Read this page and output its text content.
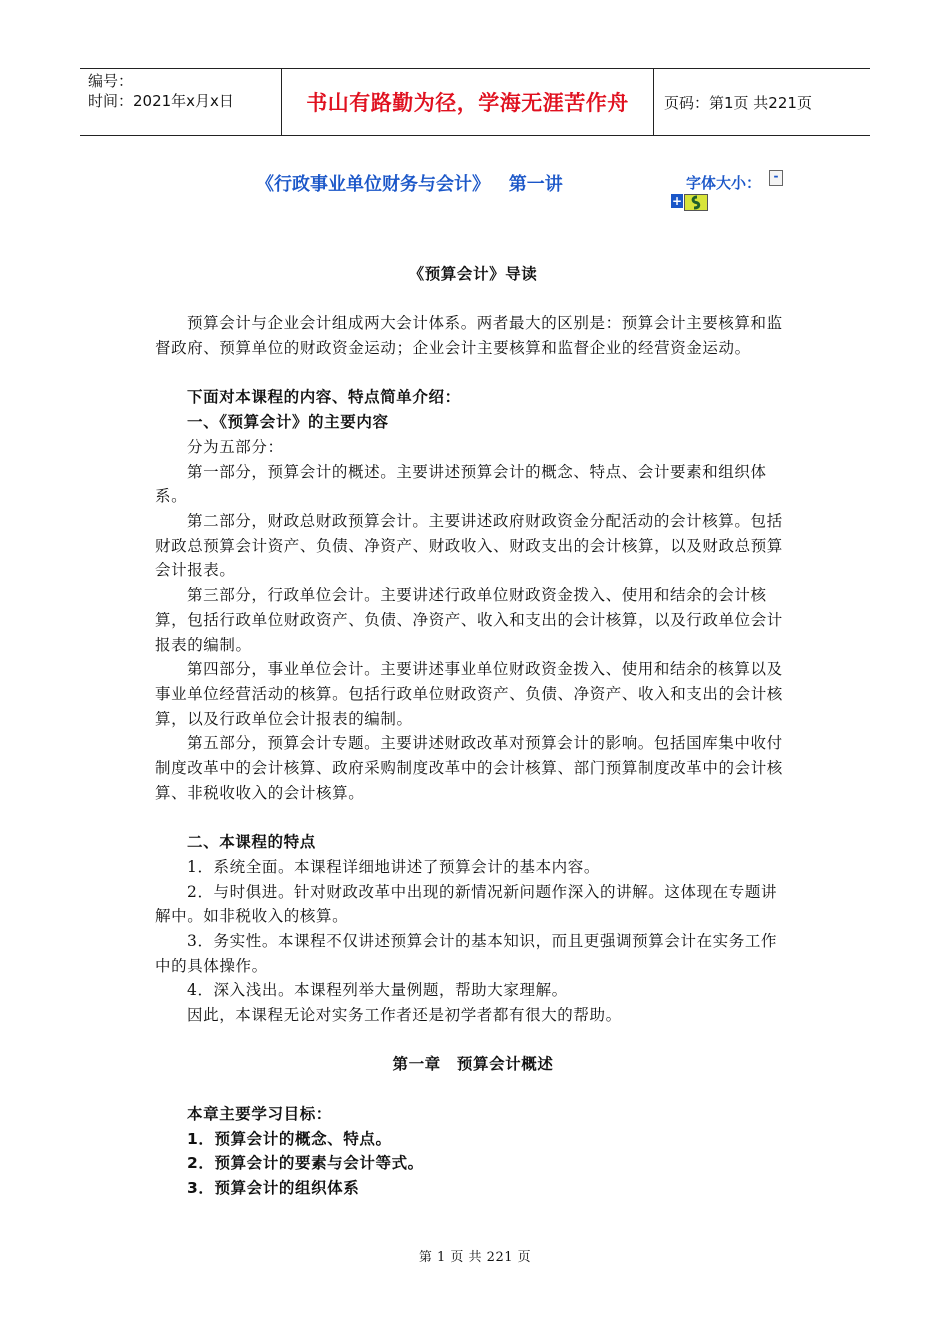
编号：
时间：2021年x月x日	书山有路勤为径，学海无涯苦作舟	页码：第1页 共221页
《行政事业单位财务与会计》   第一讲	字体大小：	-
+

《预算会计》导读

预算会计与企业会计组成两大会计体系。两者最大的区别是：预算会计主要核算和监督政府、预算单位的财政资金运动；企业会计主要核算和监督企业的经营资金运动。

下面对本课程的内容、特点简单介绍：

一、《预算会计》的主要内容

分为五部分：

第一部分，预算会计的概述。主要讲述预算会计的概念、特点、会计要素和组织体系。

第二部分，财政总财政预算会计。主要讲述政府财政资金分配活动的会计核算。包括财政总预算会计资产、负债、净资产、财政收入、财政支出的会计核算，以及财政总预算会计报表。

第三部分，行政单位会计。主要讲述行政单位财政资金拨入、使用和结余的会计核算，包括行政单位财政资产、负债、净资产、收入和支出的会计核算，以及行政单位会计报表的编制。

第四部分，事业单位会计。主要讲述事业单位财政资金拨入、使用和结余的核算以及事业单位经营活动的核算。包括行政单位财政资产、负债、净资产、收入和支出的会计核算，以及行政单位会计报表的编制。

第五部分，预算会计专题。主要讲述财政改革对预算会计的影响。包括国库集中收付制度改革中的会计核算、政府采购制度改革中的会计核算、部门预算制度改革中的会计核算、非税收收入的会计核算。

二、本课程的特点

1．系统全面。本课程详细地讲述了预算会计的基本内容。

2．与时俱进。针对财政改革中出现的新情况新问题作深入的讲解。这体现在专题讲解中。如非税收入的核算。

3．务实性。本课程不仅讲述预算会计的基本知识，而且更强调预算会计在实务工作中的具体操作。

4．深入浅出。本课程列举大量例题，帮助大家理解。

因此，本课程无论对实务工作者还是初学者都有很大的帮助。

第一章　预算会计概述

本章主要学习目标：

1．预算会计的概念、特点。

2．预算会计的要素与会计等式。

3．预算会计的组织体系

第 1 页 共 221 页
